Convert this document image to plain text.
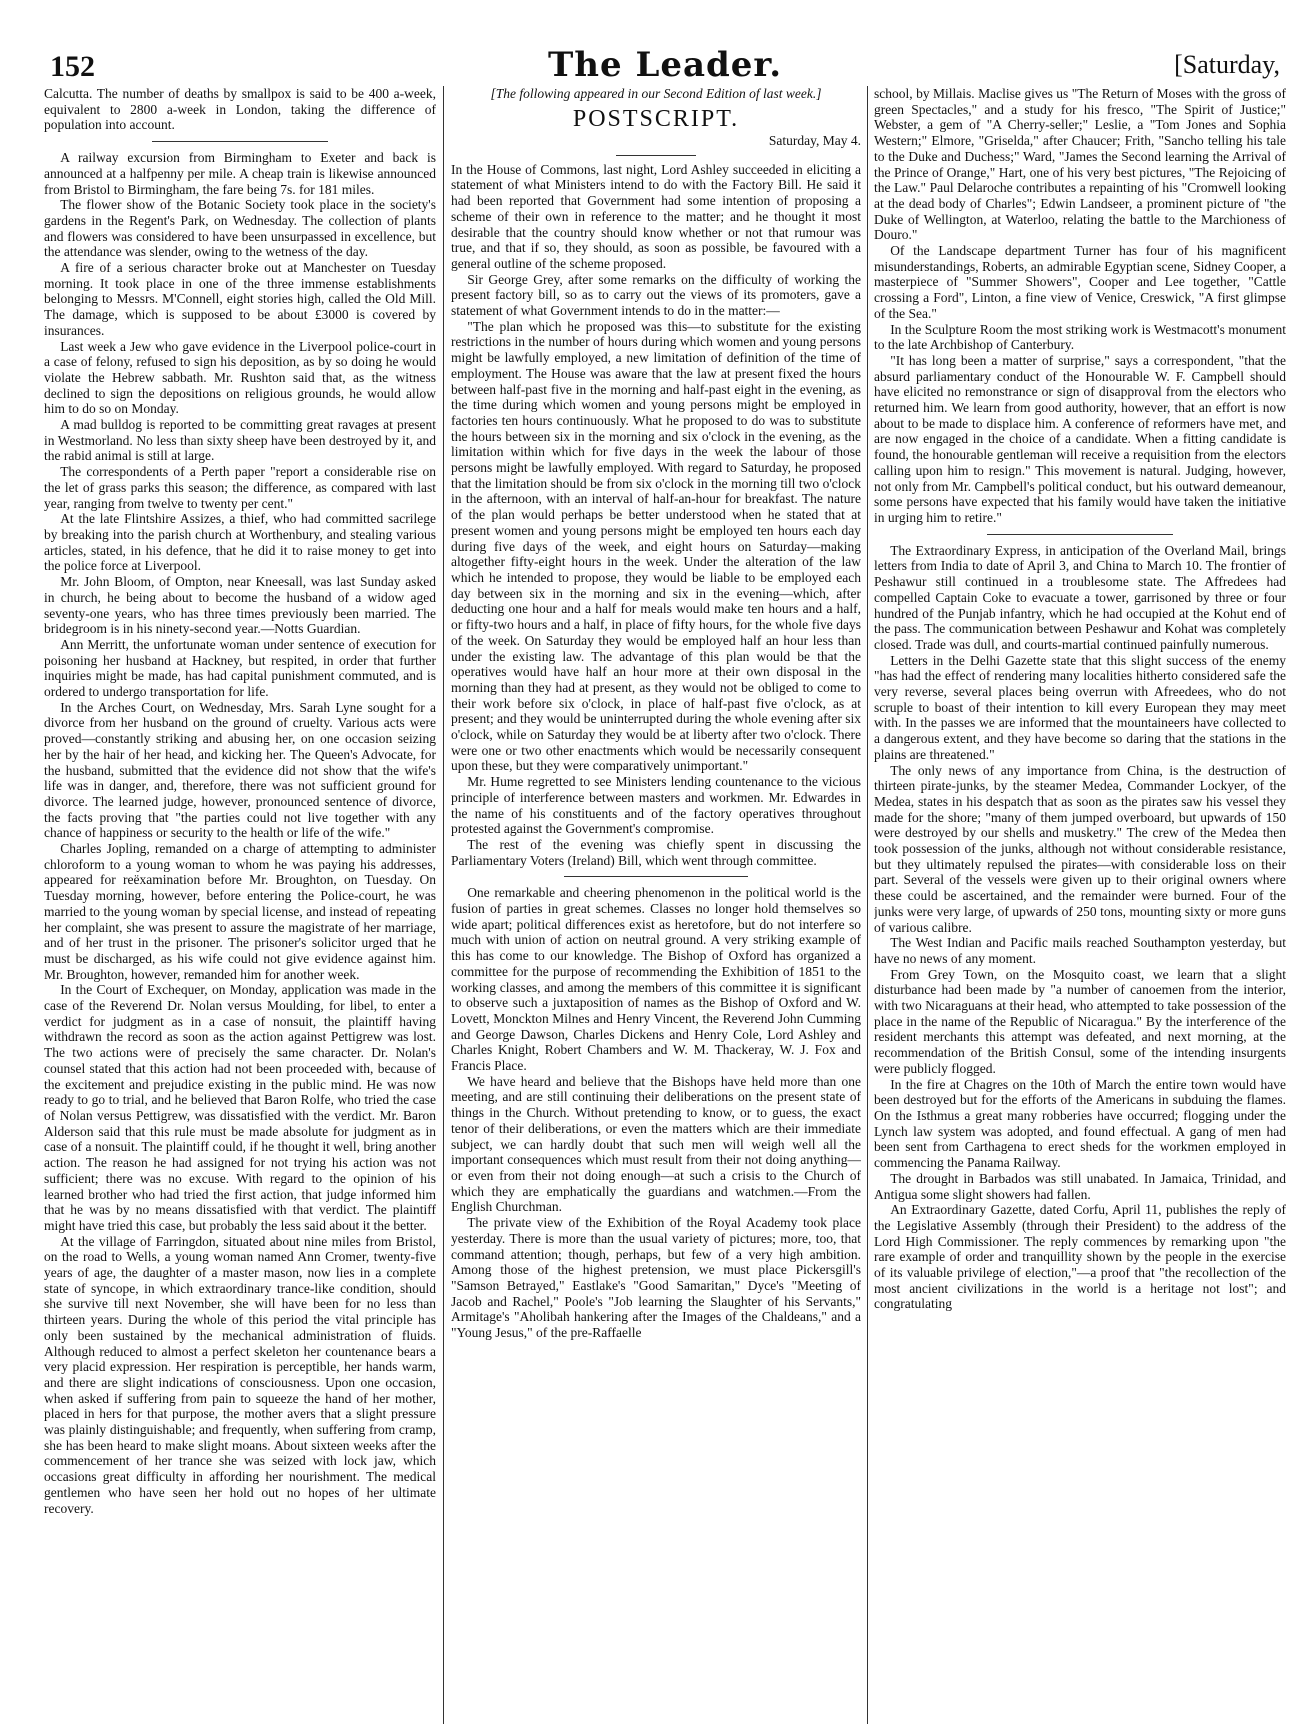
152	The Leader.	[Saturday,

Calcutta. The number of deaths by smallpox is said to be 400 a-week, equivalent to 2800 a-week in London, taking the difference of population into account.

A railway excursion from Birmingham to Exeter and back is announced at a halfpenny per mile. A cheap train is likewise announced from Bristol to Birmingham, the fare being 7s. for 181 miles.

The flower show of the Botanic Society took place in the society's gardens in the Regent's Park, on Wednesday. The collection of plants and flowers was considered to have been unsurpassed in excellence, but the attendance was slender, owing to the wetness of the day.

A fire of a serious character broke out at Manchester on Tuesday morning. It took place in one of the three immense establishments belonging to Messrs. M'Connell, eight stories high, called the Old Mill. The damage, which is supposed to be about £3000 is covered by insurances.

Last week a Jew who gave evidence in the Liverpool police-court in a case of felony, refused to sign his deposition, as by so doing he would violate the Hebrew sabbath. Mr. Rushton said that, as the witness declined to sign the depositions on religious grounds, he would allow him to do so on Monday.

A mad bulldog is reported to be committing great ravages at present in Westmorland. No less than sixty sheep have been destroyed by it, and the rabid animal is still at large.

The correspondents of a Perth paper "report a considerable rise on the let of grass parks this season; the difference, as compared with last year, ranging from twelve to twenty per cent."

At the late Flintshire Assizes, a thief, who had committed sacrilege by breaking into the parish church at Worthenbury, and stealing various articles, stated, in his defence, that he did it to raise money to get into the police force at Liverpool.

Mr. John Bloom, of Ompton, near Kneesall, was last Sunday asked in church, he being about to become the husband of a widow aged seventy-one years, who has three times previously been married. The bridegroom is in his ninety-second year.—Notts Guardian.

Ann Merritt, the unfortunate woman under sentence of execution for poisoning her husband at Hackney, but respited, in order that further inquiries might be made, has had capital punishment commuted, and is ordered to undergo transportation for life.

In the Arches Court, on Wednesday, Mrs. Sarah Lyne sought for a divorce from her husband on the ground of cruelty. Various acts were proved—constantly striking and abusing her, on one occasion seizing her by the hair of her head, and kicking her. The Queen's Advocate, for the husband, submitted that the evidence did not show that the wife's life was in danger, and, therefore, there was not sufficient ground for divorce. The learned judge, however, pronounced sentence of divorce, the facts proving that "the parties could not live together with any chance of happiness or security to the health or life of the wife."

Charles Jopling, remanded on a charge of attempting to administer chloroform to a young woman to whom he was paying his addresses, appeared for reëxamination before Mr. Broughton, on Tuesday. On Tuesday morning, however, before entering the Police-court, he was married to the young woman by special license, and instead of repeating her complaint, she was present to assure the magistrate of her marriage, and of her trust in the prisoner. The prisoner's solicitor urged that he must be discharged, as his wife could not give evidence against him. Mr. Broughton, however, remanded him for another week.

In the Court of Exchequer, on Monday, application was made in the case of the Reverend Dr. Nolan versus Moulding, for libel, to enter a verdict for judgment as in a case of nonsuit, the plaintiff having withdrawn the record as soon as the action against Pettigrew was lost. The two actions were of precisely the same character. Dr. Nolan's counsel stated that this action had not been proceeded with, because of the excitement and prejudice existing in the public mind. He was now ready to go to trial, and he believed that Baron Rolfe, who tried the case of Nolan versus Pettigrew, was dissatisfied with the verdict. Mr. Baron Alderson said that this rule must be made absolute for judgment as in case of a nonsuit. The plaintiff could, if he thought it well, bring another action. The reason he had assigned for not trying his action was not sufficient; there was no excuse. With regard to the opinion of his learned brother who had tried the first action, that judge informed him that he was by no means dissatisfied with that verdict. The plaintiff might have tried this case, but probably the less said about it the better.

At the village of Farringdon, situated about nine miles from Bristol, on the road to Wells, a young woman named Ann Cromer, twenty-five years of age, the daughter of a master mason, now lies in a complete state of syncope, in which extraordinary trance-like condition, should she survive till next November, she will have been for no less than thirteen years. During the whole of this period the vital principle has only been sustained by the mechanical administration of fluids. Although reduced to almost a perfect skeleton her countenance bears a very placid expression. Her respiration is perceptible, her hands warm, and there are slight indications of consciousness. Upon one occasion, when asked if suffering from pain to squeeze the hand of her mother, placed in hers for that purpose, the mother avers that a slight pressure was plainly distinguishable; and frequently, when suffering from cramp, she has been heard to make slight moans. About sixteen weeks after the commencement of her trance she was seized with lock jaw, which occasions great difficulty in affording her nourishment. The medical gentlemen who have seen her hold out no hopes of her ultimate recovery.

[The following appeared in our Second Edition of last week.]

POSTSCRIPT.

Saturday, May 4.

In the House of Commons, last night, Lord Ashley succeeded in eliciting a statement of what Ministers intend to do with the Factory Bill. He said it had been reported that Government had some intention of proposing a scheme of their own in reference to the matter; and he thought it most desirable that the country should know whether or not that rumour was true, and that if so, they should, as soon as possible, be favoured with a general outline of the scheme proposed.

Sir George Grey, after some remarks on the difficulty of working the present factory bill, so as to carry out the views of its promoters, gave a statement of what Government intends to do in the matter:—

"The plan which he proposed was this—to substitute for the existing restrictions in the number of hours during which women and young persons might be lawfully employed, a new limitation of definition of the time of employment. The House was aware that the law at present fixed the hours between half-past five in the morning and half-past eight in the evening, as the time during which women and young persons might be employed in factories ten hours continuously. What he proposed to do was to substitute the hours between six in the morning and six o'clock in the evening, as the limitation within which for five days in the week the labour of those persons might be lawfully employed. With regard to Saturday, he proposed that the limitation should be from six o'clock in the morning till two o'clock in the afternoon, with an interval of half-an-hour for breakfast. The nature of the plan would perhaps be better understood when he stated that at present women and young persons might be employed ten hours each day during five days of the week, and eight hours on Saturday—making altogether fifty-eight hours in the week. Under the alteration of the law which he intended to propose, they would be liable to be employed each day between six in the morning and six in the evening—which, after deducting one hour and a half for meals would make ten hours and a half, or fifty-two hours and a half, in place of fifty hours, for the whole five days of the week. On Saturday they would be employed half an hour less than under the existing law. The advantage of this plan would be that the operatives would have half an hour more at their own disposal in the morning than they had at present, as they would not be obliged to come to their work before six o'clock, in place of half-past five o'clock, as at present; and they would be uninterrupted during the whole evening after six o'clock, while on Saturday they would be at liberty after two o'clock. There were one or two other enactments which would be necessarily consequent upon these, but they were comparatively unimportant."

Mr. Hume regretted to see Ministers lending countenance to the vicious principle of interference between masters and workmen. Mr. Edwardes in the name of his constituents and of the factory operatives throughout protested against the Government's compromise.

The rest of the evening was chiefly spent in discussing the Parliamentary Voters (Ireland) Bill, which went through committee.

One remarkable and cheering phenomenon in the political world is the fusion of parties in great schemes. Classes no longer hold themselves so wide apart; political differences exist as heretofore, but do not interfere so much with union of action on neutral ground. A very striking example of this has come to our knowledge. The Bishop of Oxford has organized a committee for the purpose of recommending the Exhibition of 1851 to the working classes, and among the members of this committee it is significant to observe such a juxtaposition of names as the Bishop of Oxford and W. Lovett, Monckton Milnes and Henry Vincent, the Reverend John Cumming and George Dawson, Charles Dickens and Henry Cole, Lord Ashley and Charles Knight, Robert Chambers and W. M. Thackeray, W. J. Fox and Francis Place.

We have heard and believe that the Bishops have held more than one meeting, and are still continuing their deliberations on the present state of things in the Church. Without pretending to know, or to guess, the exact tenor of their deliberations, or even the matters which are their immediate subject, we can hardly doubt that such men will weigh well all the important consequences which must result from their not doing anything—or even from their not doing enough—at such a crisis to the Church of which they are emphatically the guardians and watchmen.—From the English Churchman.

The private view of the Exhibition of the Royal Academy took place yesterday. There is more than the usual variety of pictures; more, too, that command attention; though, perhaps, but few of a very high ambition. Among those of the highest pretension, we must place Pickersgill's "Samson Betrayed," Eastlake's "Good Samaritan," Dyce's "Meeting of Jacob and Rachel," Poole's "Job learning the Slaughter of his Servants," Armitage's "Aholibah hankering after the Images of the Chaldeans," and a "Young Jesus," of the pre-Raffaelle

school, by Millais. Maclise gives us "The Return of Moses with the gross of green Spectacles," and a study for his fresco, "The Spirit of Justice;" Webster, a gem of "A Cherry-seller;" Leslie, a "Tom Jones and Sophia Western;" Elmore, "Griselda," after Chaucer; Frith, "Sancho telling his tale to the Duke and Duchess;" Ward, "James the Second learning the Arrival of the Prince of Orange," Hart, one of his very best pictures, "The Rejoicing of the Law." Paul Delaroche contributes a repainting of his "Cromwell looking at the dead body of Charles"; Edwin Landseer, a prominent picture of "the Duke of Wellington, at Waterloo, relating the battle to the Marchioness of Douro."

Of the Landscape department Turner has four of his magnificent misunderstandings, Roberts, an admirable Egyptian scene, Sidney Cooper, a masterpiece of "Summer Showers", Cooper and Lee together, "Cattle crossing a Ford", Linton, a fine view of Venice, Creswick, "A first glimpse of the Sea."

In the Sculpture Room the most striking work is Westmacott's monument to the late Archbishop of Canterbury.

"It has long been a matter of surprise," says a correspondent, "that the absurd parliamentary conduct of the Honourable W. F. Campbell should have elicited no remonstrance or sign of disapproval from the electors who returned him. We learn from good authority, however, that an effort is now about to be made to displace him. A conference of reformers have met, and are now engaged in the choice of a candidate. When a fitting candidate is found, the honourable gentleman will receive a requisition from the electors calling upon him to resign." This movement is natural. Judging, however, not only from Mr. Campbell's political conduct, but his outward demeanour, some persons have expected that his family would have taken the initiative in urging him to retire."

The Extraordinary Express, in anticipation of the Overland Mail, brings letters from India to date of April 3, and China to March 10. The frontier of Peshawur still continued in a troublesome state. The Affredees had compelled Captain Coke to evacuate a tower, garrisoned by three or four hundred of the Punjab infantry, which he had occupied at the Kohut end of the pass. The communication between Peshawur and Kohat was completely closed. Trade was dull, and courts-martial continued painfully numerous.

Letters in the Delhi Gazette state that this slight success of the enemy "has had the effect of rendering many localities hitherto considered safe the very reverse, several places being overrun with Afreedees, who do not scruple to boast of their intention to kill every European they may meet with. In the passes we are informed that the mountaineers have collected to a dangerous extent, and they have become so daring that the stations in the plains are threatened."

The only news of any importance from China, is the destruction of thirteen pirate-junks, by the steamer Medea, Commander Lockyer, of the Medea, states in his despatch that as soon as the pirates saw his vessel they made for the shore; "many of them jumped overboard, but upwards of 150 were destroyed by our shells and musketry." The crew of the Medea then took possession of the junks, although not without considerable resistance, but they ultimately repulsed the pirates—with considerable loss on their part. Several of the vessels were given up to their original owners where these could be ascertained, and the remainder were burned. Four of the junks were very large, of upwards of 250 tons, mounting sixty or more guns of various calibre.

The West Indian and Pacific mails reached Southampton yesterday, but have no news of any moment.

From Grey Town, on the Mosquito coast, we learn that a slight disturbance had been made by "a number of canoemen from the interior, with two Nicaraguans at their head, who attempted to take possession of the place in the name of the Republic of Nicaragua." By the interference of the resident merchants this attempt was defeated, and next morning, at the recommendation of the British Consul, some of the intending insurgents were publicly flogged.

In the fire at Chagres on the 10th of March the entire town would have been destroyed but for the efforts of the Americans in subduing the flames. On the Isthmus a great many robberies have occurred; flogging under the Lynch law system was adopted, and found effectual. A gang of men had been sent from Carthagena to erect sheds for the workmen employed in commencing the Panama Railway.

The drought in Barbados was still unabated. In Jamaica, Trinidad, and Antigua some slight showers had fallen.

An Extraordinary Gazette, dated Corfu, April 11, publishes the reply of the Legislative Assembly (through their President) to the address of the Lord High Commissioner. The reply commences by remarking upon "the rare example of order and tranquillity shown by the people in the exercise of its valuable privilege of election,"—a proof that "the recollection of the most ancient civilizations in the world is a heritage not lost"; and congratulating
